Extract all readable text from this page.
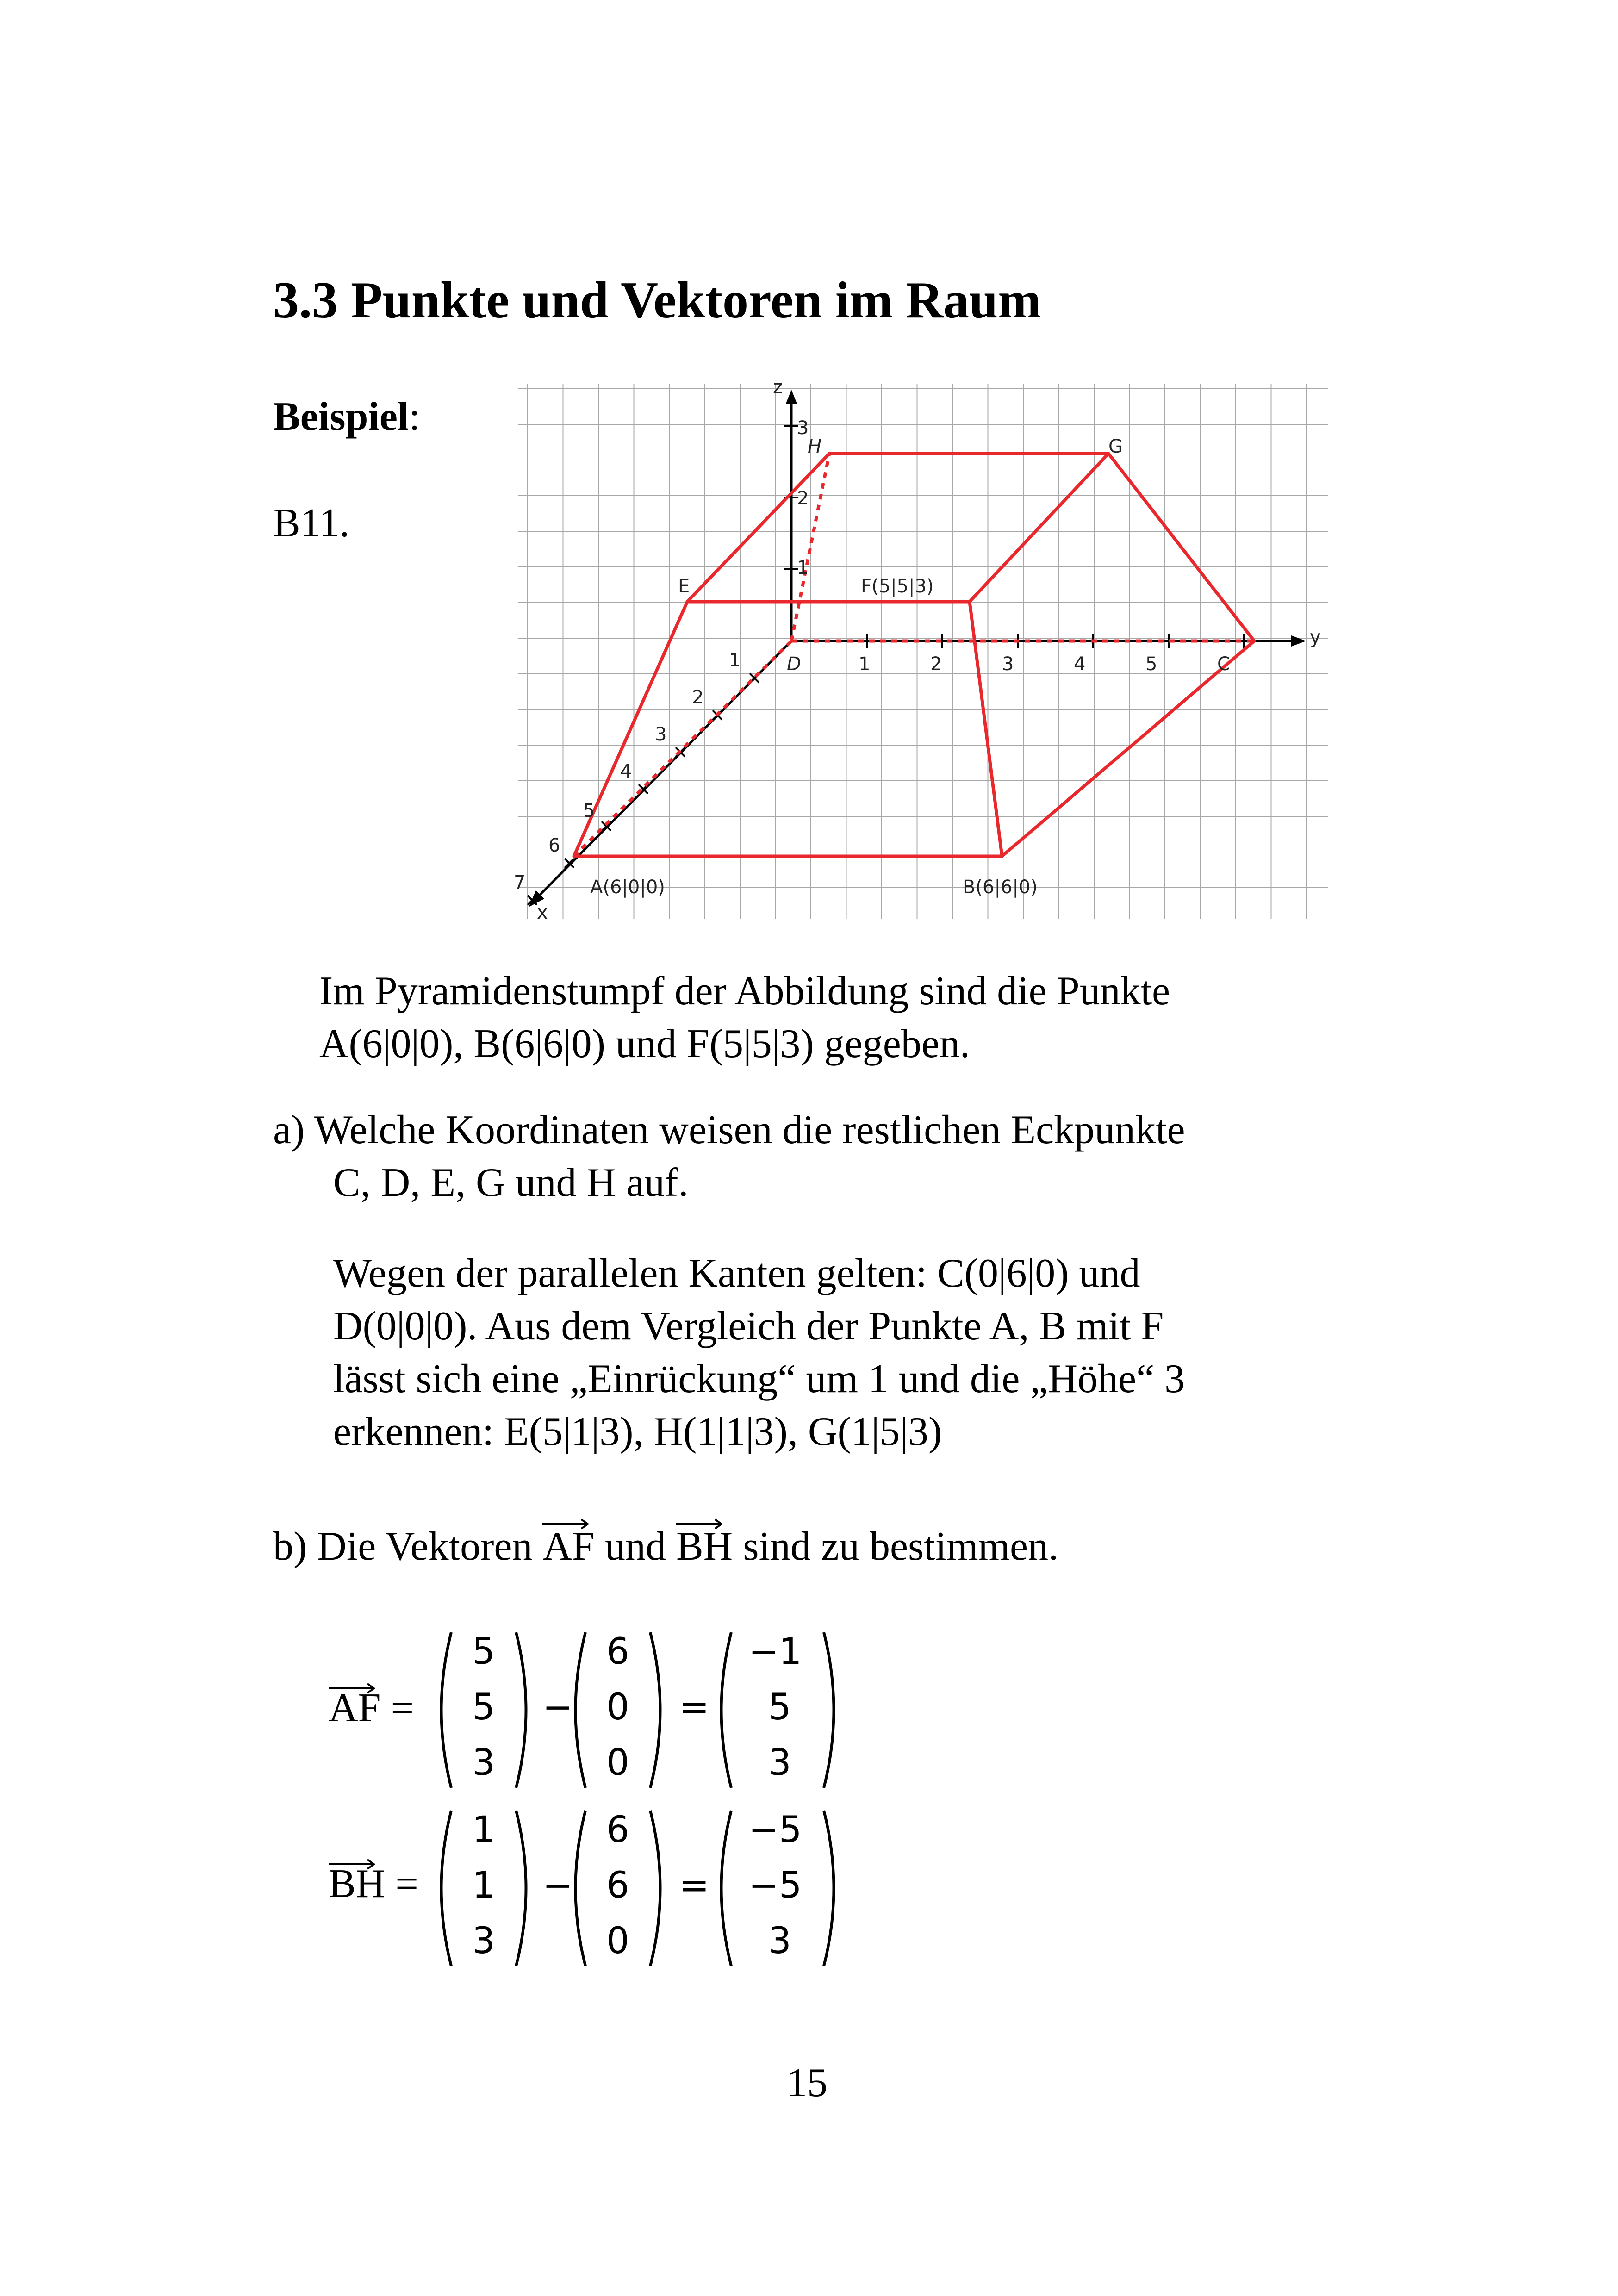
3.3 Punkte und Vektoren im Raum
Beispiel:
B11.
z
y
x
H	G
E	F(5|5|3)
D	C
A(6|0|0)	B(6|6|0)
1
2
3
4
5
6
7
1	2	3	4	5
1
2
3
Im Pyramidenstumpf der Abbildung sind die Punkte
A(6|0|0), B(6|6|0) und F(5|5|3) gegeben.
a) Welche Koordinaten weisen die restlichen Eckpunkte
C, D, E, G und H auf.
Wegen der parallelen Kanten gelten: C(0|6|0) und
D(0|0|0). Aus dem Vergleich der Punkte A, B mit F
lässt sich eine „Einrückung“ um 1 und die „Höhe“ 3
erkennen: E(5|1|3), H(1|1|3), G(1|5|3)
b) Die Vektoren AF und BH sind zu bestimmen.
AF =
5
5
3
−
6
0
0
=
−1
5
3
BH =
1
1
3
−
6
6
0
=
−5
−5
3
15
